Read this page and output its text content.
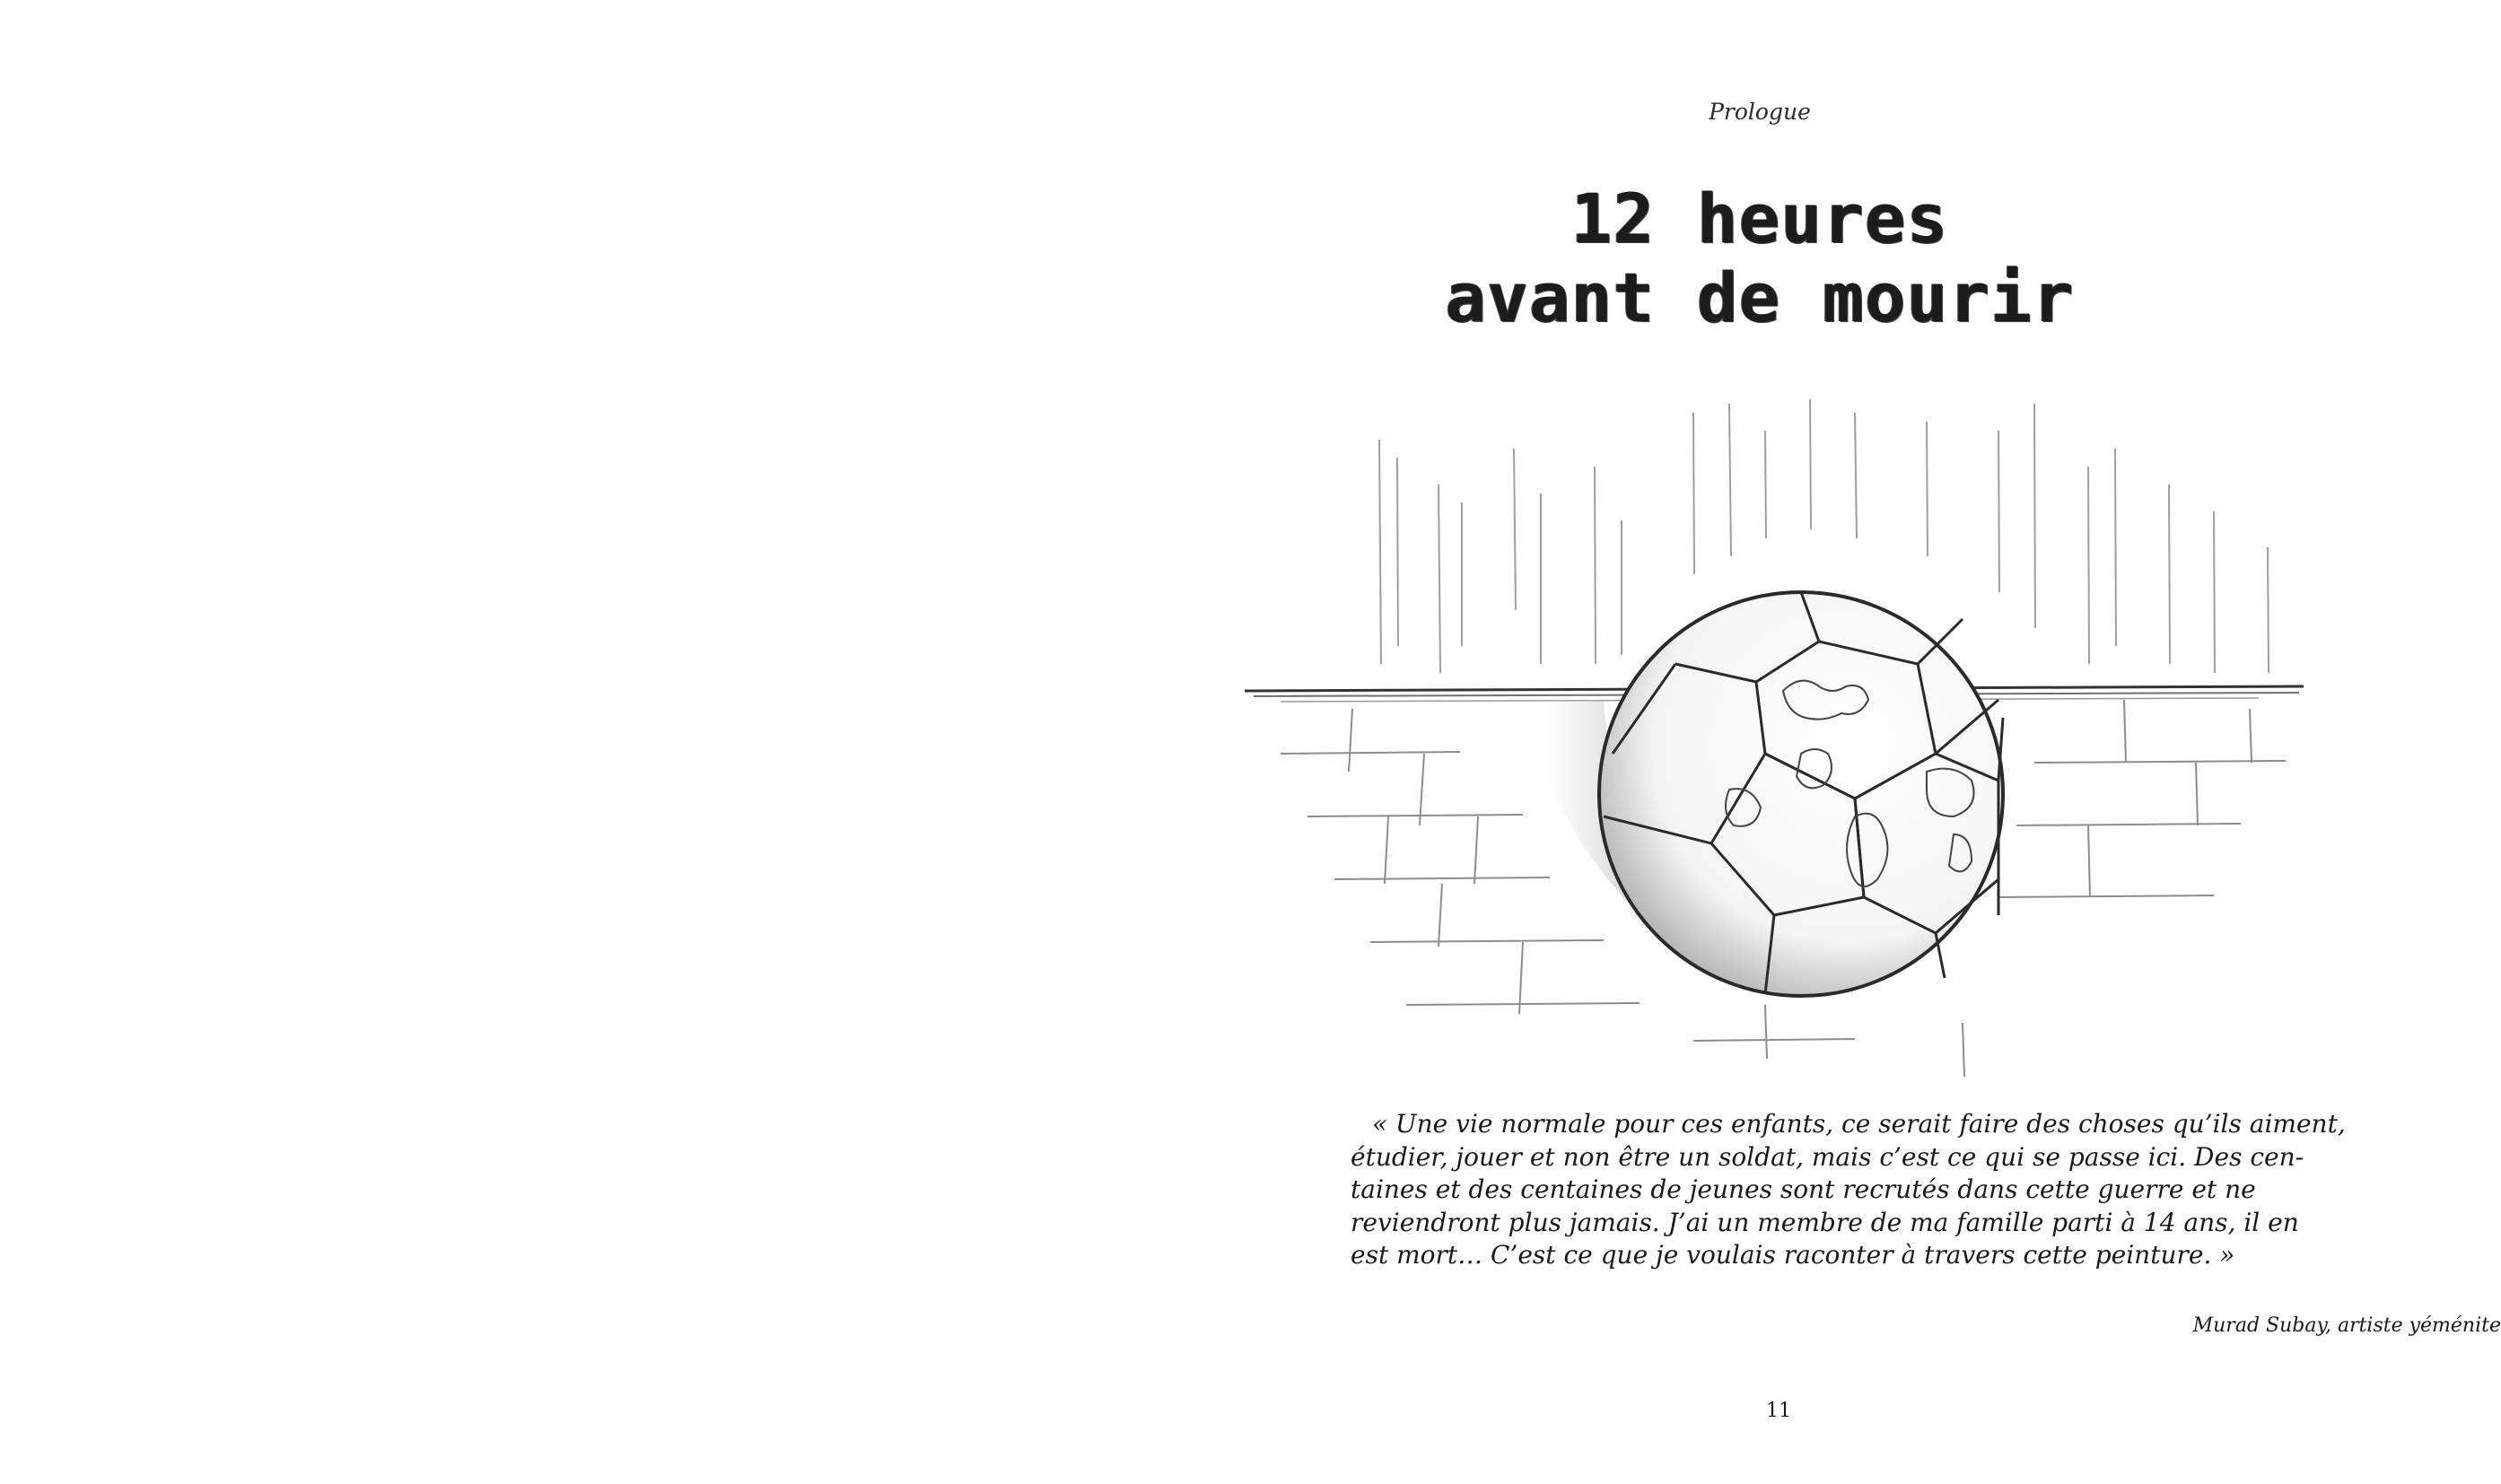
Prologue
12 heures
avant de mourir

« Une vie normale pour ces enfants, ce serait faire des choses qu’ils aiment,
étudier, jouer et non être un soldat, mais c’est ce qui se passe ici. Des cen-
taines et des centaines de jeunes sont recrutés dans cette guerre et ne
reviendront plus jamais. J’ai un membre de ma famille parti à 14 ans, il en
est mort… C’est ce que je voulais raconter à travers cette peinture. »

Murad Subay, artiste yéménite
11
